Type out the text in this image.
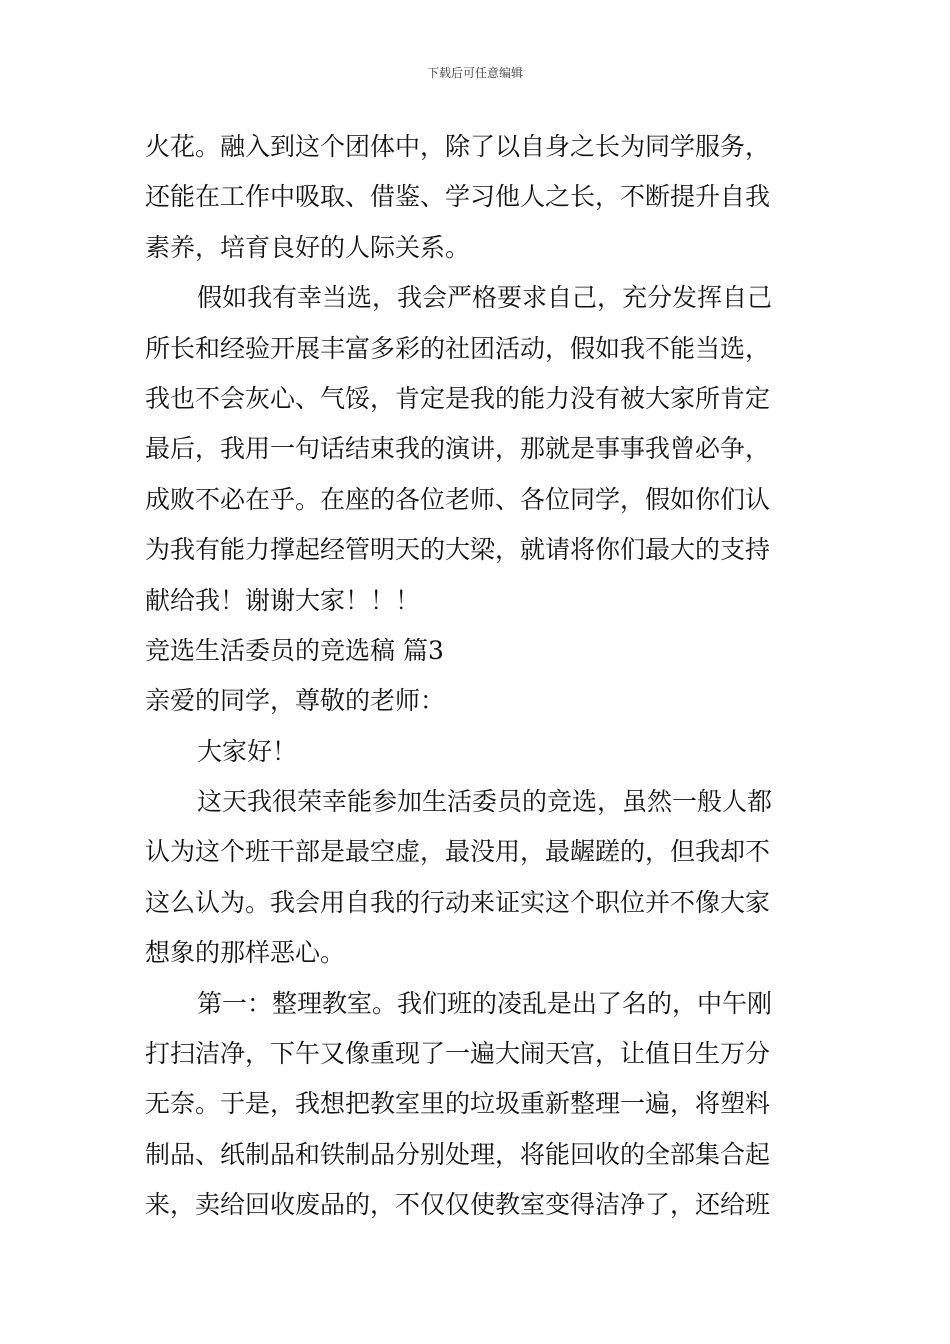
下载后可任意编辑
火花。融入到这个团体中，除了以自身之长为同学服务，
还能在工作中吸取、借鉴、学习他人之长，不断提升自我
素养，培育良好的人际关系。
假如我有幸当选，我会严格要求自己，充分发挥自己
所长和经验开展丰富多彩的社团活动，假如我不能当选，
我也不会灰心、气馁，肯定是我的能力没有被大家所肯定
最后，我用一句话结束我的演讲，那就是事事我曾必争，
成败不必在乎。在座的各位老师、各位同学，假如你们认
为我有能力撑起经管明天的大梁，就请将你们最大的支持
献给我！谢谢大家！！！
竞选生活委员的竞选稿 篇3
亲爱的同学，尊敬的老师：
大家好！
这天我很荣幸能参加生活委员的竞选，虽然一般人都
认为这个班干部是最空虚，最没用，最龌蹉的，但我却不
这么认为。我会用自我的行动来证实这个职位并不像大家
想象的那样恶心。
第一：整理教室。我们班的凌乱是出了名的，中午刚
打扫洁净，下午又像重现了一遍大闹天宫，让值日生万分
无奈。于是，我想把教室里的垃圾重新整理一遍，将塑料
制品、纸制品和铁制品分别处理，将能回收的全部集合起
来，卖给回收废品的，不仅仅使教室变得洁净了，还给班
